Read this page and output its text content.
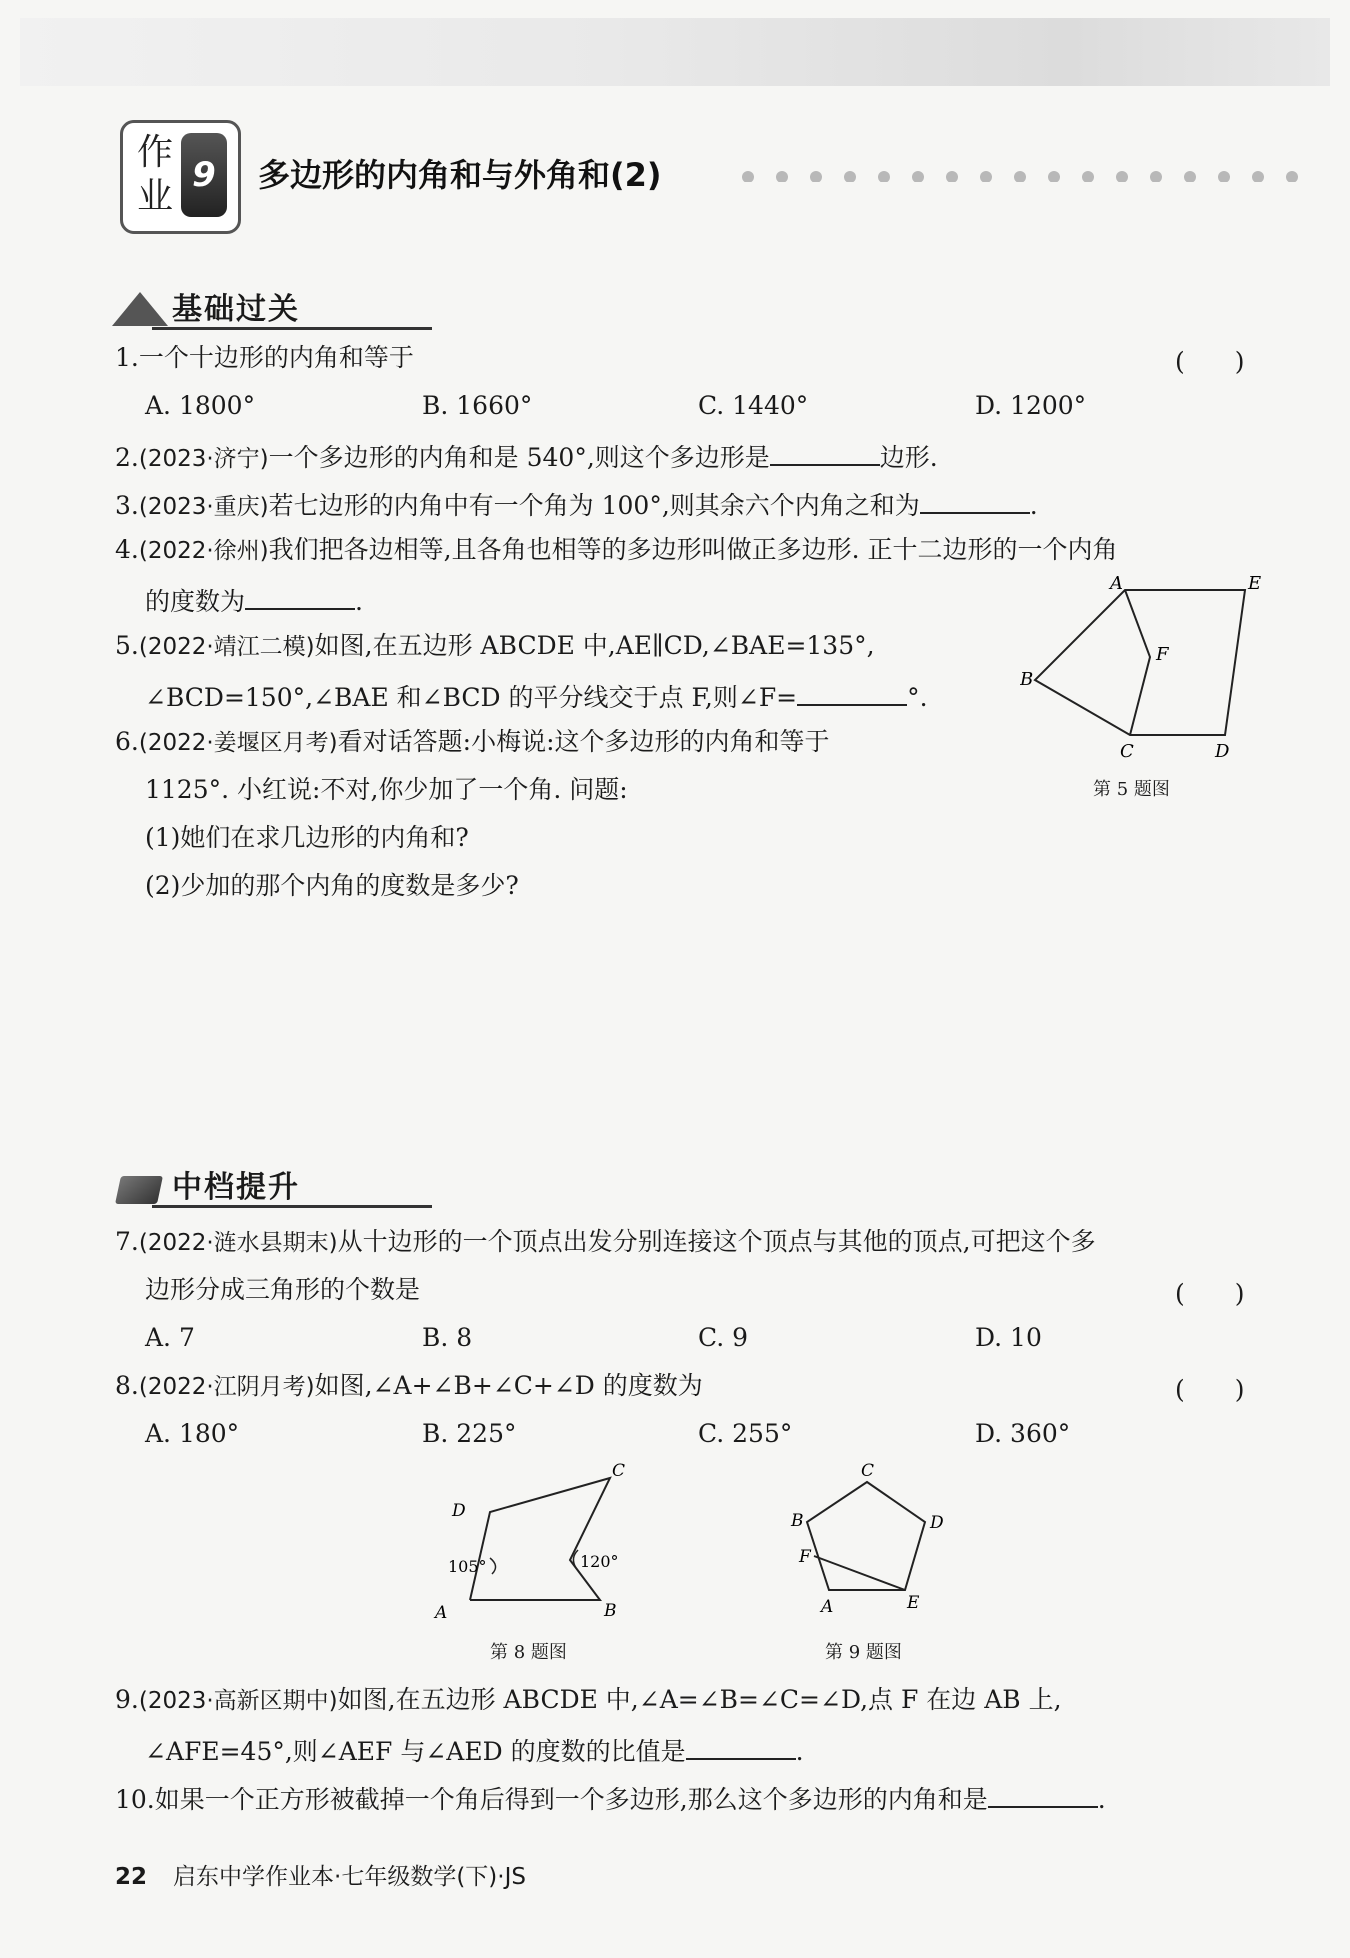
作业
9	多边形的内角和与外角和(2)
基础过关
1.一个十边形的内角和等于	(　　)
A. 1800°	B. 1660°	C. 1440°	D. 1200°
2.(2023·济宁)一个多边形的内角和是 540°,则这个多边形是	边形.
3.(2023·重庆)若七边形的内角中有一个角为 100°,则其余六个内角之和为	.
4.(2022·徐州)我们把各边相等,且各角也相等的多边形叫做正多边形. 正十二边形的一个内角
的度数为	.
5.(2022·靖江二模)如图,在五边形 ABCDE 中,AE∥CD,∠BAE=135°,
∠BCD=150°,∠BAE 和∠BCD 的平分线交于点 F,则∠F=	°.
A	E
F
B
C	D
第 5 题图
6.(2022·姜堰区月考)看对话答题:小梅说:这个多边形的内角和等于
1125°. 小红说:不对,你少加了一个角. 问题:
(1)她们在求几边形的内角和?
(2)少加的那个内角的度数是多少?
中档提升
7.(2022·涟水县期末)从十边形的一个顶点出发分别连接这个顶点与其他的顶点,可把这个多
边形分成三角形的个数是	(　　)
A. 7	B. 8	C. 9	D. 10
8.(2022·江阴月考)如图,∠A+∠B+∠C+∠D 的度数为	(　　)
A. 180°	B. 225°	C. 255°	D. 360°
C
D
120°
105°
A	B
第 8 题图
C
B	D
F
A	E
第 9 题图
9.(2023·高新区期中)如图,在五边形 ABCDE 中,∠A=∠B=∠C=∠D,点 F 在边 AB 上,
∠AFE=45°,则∠AEF 与∠AED 的度数的比值是	.
10.如果一个正方形被截掉一个角后得到一个多边形,那么这个多边形的内角和是	.
22 启东中学作业本·七年级数学(下)·JS
